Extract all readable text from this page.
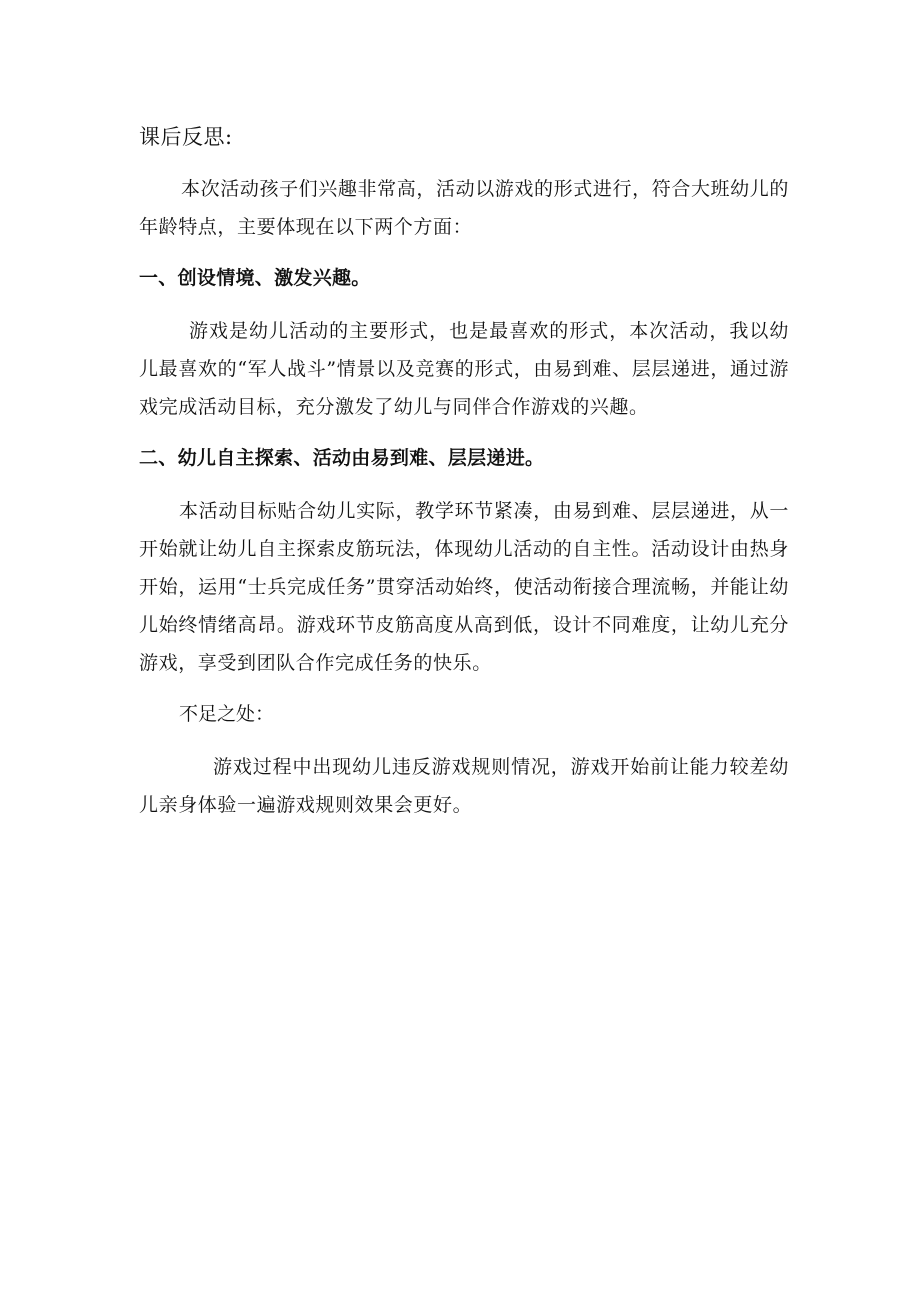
课后反思:

本次活动孩子们兴趣非常高，活动以游戏的形式进行，符合大班幼儿的年龄特点，主要体现在以下两个方面：

一、创设情境、激发兴趣。

游戏是幼儿活动的主要形式，也是最喜欢的形式，本次活动，我以幼儿最喜欢的“军人战斗”情景以及竞赛的形式，由易到难、层层递进，通过游戏完成活动目标，充分激发了幼儿与同伴合作游戏的兴趣。

二、幼儿自主探索、活动由易到难、层层递进。

本活动目标贴合幼儿实际，教学环节紧凑，由易到难、层层递进，从一开始就让幼儿自主探索皮筋玩法，体现幼儿活动的自主性。活动设计由热身开始，运用“士兵完成任务”贯穿活动始终，使活动衔接合理流畅，并能让幼儿始终情绪高昂。游戏环节皮筋高度从高到低，设计不同难度，让幼儿充分游戏，享受到团队合作完成任务的快乐。

不足之处：

游戏过程中出现幼儿违反游戏规则情况，游戏开始前让能力较差幼儿亲身体验一遍游戏规则效果会更好。
